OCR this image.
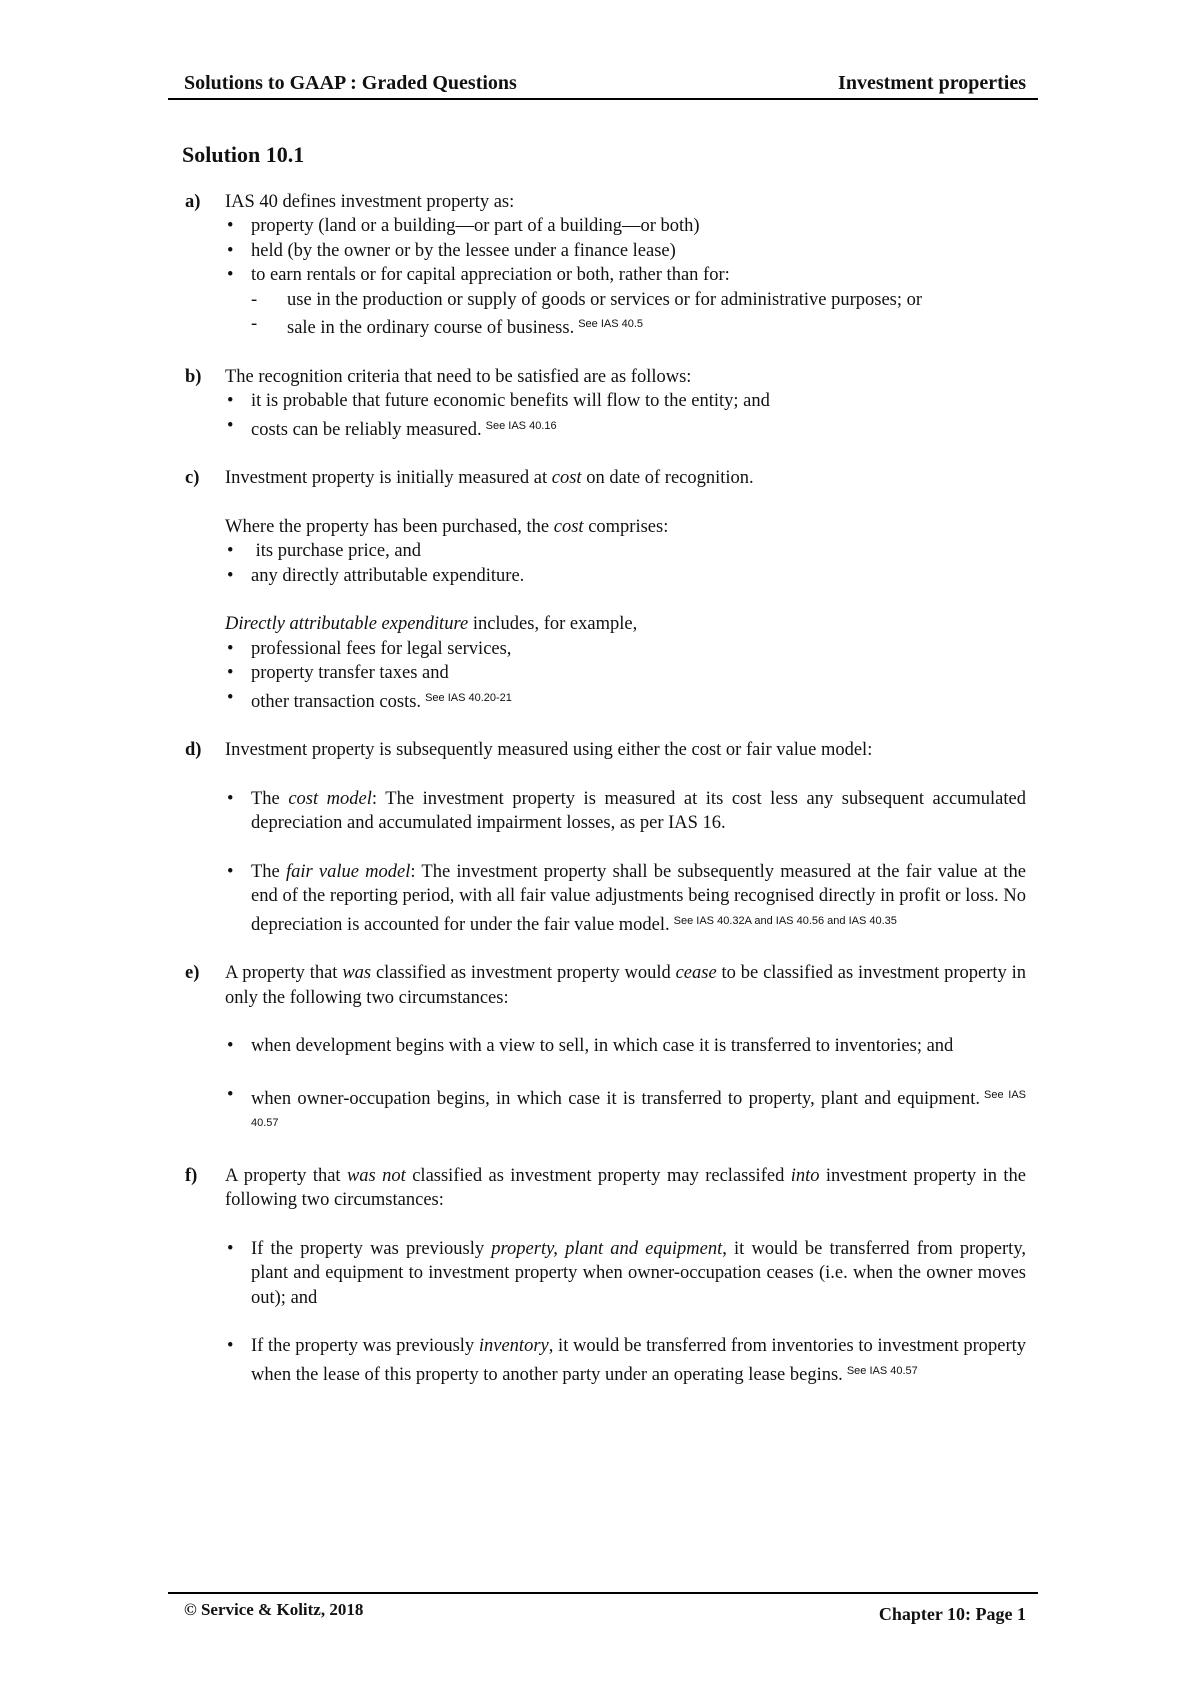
Solutions to GAAP : Graded Questions	Investment properties
Solution 10.1
a) IAS 40 defines investment property as:

• property (land or a building—or part of a building—or both)
• held (by the owner or by the lessee under a finance lease)
• to earn rentals or for capital appreciation or both, rather than for:
- use in the production or supply of goods or services or for administrative purposes; or
- sale in the ordinary course of business. $^{See IAS 40.5}$
b) The recognition criteria that need to be satisfied are as follows:

• it is probable that future economic benefits will flow to the entity; and
• costs can be reliably measured. $^{See IAS 40.16}$
c) Investment property is initially measured at cost on date of recognition.

Where the property has been purchased, the cost comprises:

•  its purchase price, and
• any directly attributable expenditure.

Directly attributable expenditure includes, for example,

• professional fees for legal services,
• property transfer taxes and
• other transaction costs. $^{See IAS 40.20-21}$
d) Investment property is subsequently measured using either the cost or fair value model:

• The cost model: The investment property is measured at its cost less any subsequent accumulated depreciation and accumulated impairment losses, as per IAS 16.
• The fair value model: The investment property shall be subsequently measured at the fair value at the end of the reporting period, with all fair value adjustments being recognised directly in profit or loss. No depreciation is accounted for under the fair value model. $^{See IAS 40.32A and IAS 40.56 and IAS 40.35}$
e) A property that was classified as investment property would cease to be classified as investment property in only the following two circumstances:

• when development begins with a view to sell, in which case it is transferred to inventories; and
• when owner-occupation begins, in which case it is transferred to property, plant and equipment. $^{See IAS 40.57}$
f) A property that was not classified as investment property may reclassifed into investment property in the following two circumstances:

• If the property was previously property, plant and equipment, it would be transferred from property, plant and equipment to investment property when owner-occupation ceases (i.e. when the owner moves out); and
• If the property was previously inventory, it would be transferred from inventories to investment property when the lease of this property to another party under an operating lease begins. $^{See IAS 40.57}$
© Service & Kolitz, 2018	Chapter 10: Page 1
